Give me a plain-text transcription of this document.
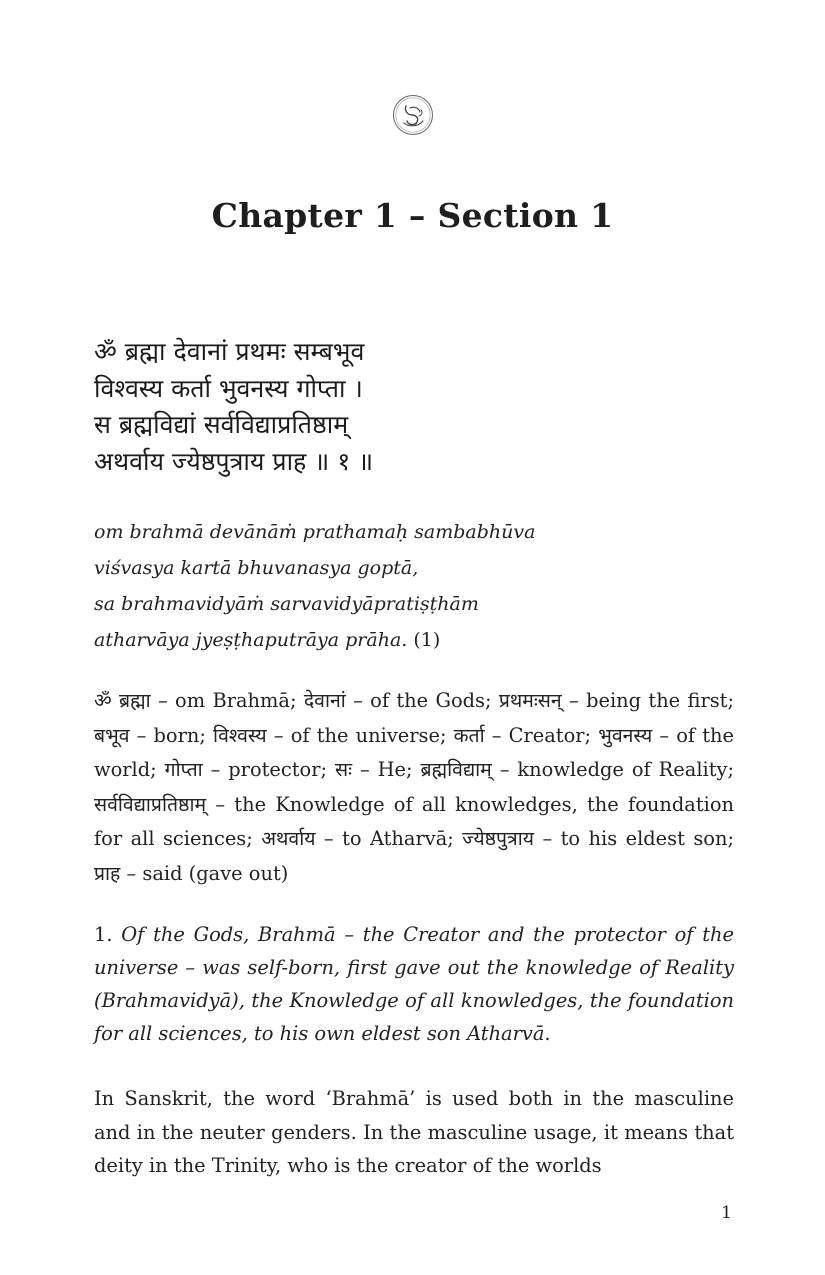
Chapter 1 – Section 1
ॐ ब्रह्मा देवानां प्रथमः सम्बभूव
विश्वस्य कर्ता भुवनस्य गोप्ता ।
स ब्रह्मविद्यां सर्वविद्याप्रतिष्ठाम्
अथर्वाय ज्येष्ठपुत्राय प्राह ॥ १ ॥
om brahmā devānāṁ prathamaḥ sambabhūva
viśvasya kartā bhuvanasya goptā,
sa brahmavidyāṁ sarvavidyāpratiṣṭhām
atharvāya jyeṣṭhaputrāya prāha. (1)
ॐ ब्रह्मा – om Brahmā; देवानां – of the Gods; प्रथमःसन् – being the first; बभूव – born; विश्वस्य – of the universe; कर्ता – Creator; भुवनस्य – of the world; गोप्ता – protector; सः – He; ब्रह्मविद्याम् – knowledge of Reality; सर्वविद्याप्रतिष्ठाम् – the Knowledge of all knowledges, the foundation for all sciences; अथर्वाय – to Atharvā; ज्येष्ठपुत्राय – to his eldest son; प्राह – said (gave out)
1. Of the Gods, Brahmā – the Creator and the protector of the universe – was self-born, first gave out the knowledge of Reality (Brahmavidyā), the Knowledge of all knowledges, the foundation for all sciences, to his own eldest son Atharvā.
In Sanskrit, the word ‘Brahmā’ is used both in the masculine and in the neuter genders. In the masculine usage, it means that deity in the Trinity, who is the creator of the worlds
1
